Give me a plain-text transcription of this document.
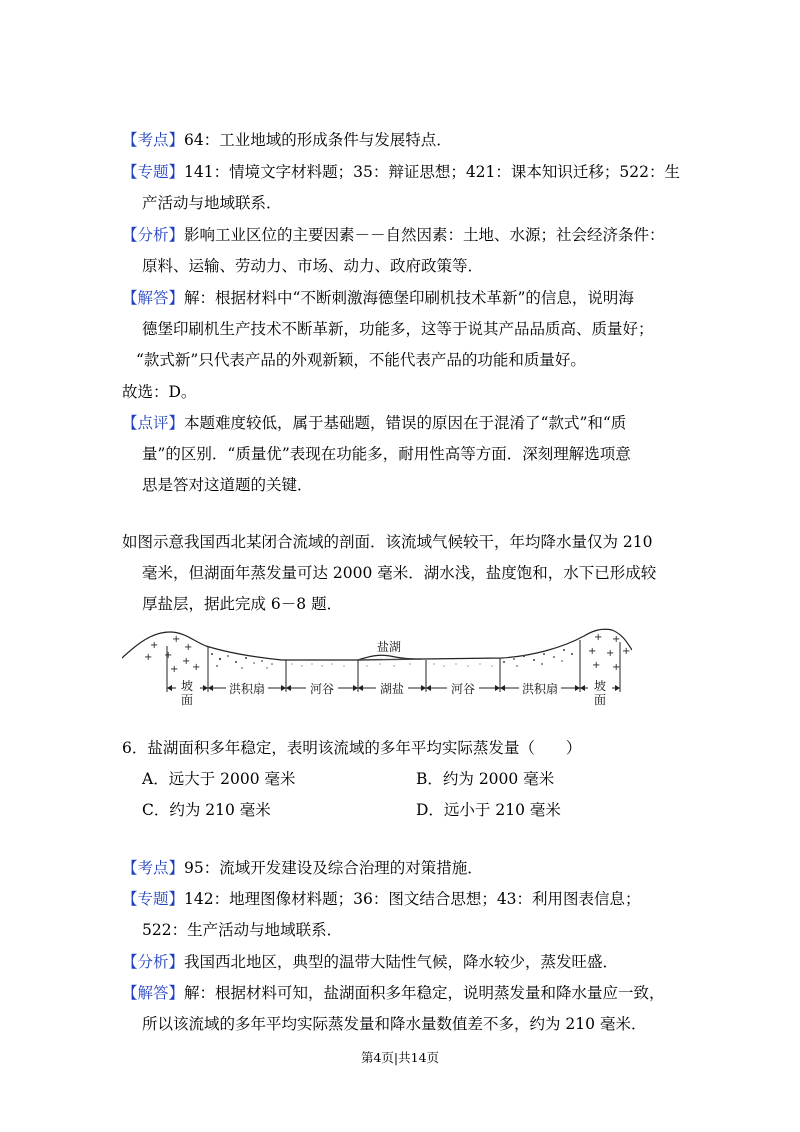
【考点】64：工业地域的形成条件与发展特点．
【专题】141：情境文字材料题；35：辩证思想；421：课本知识迁移；522：生
产活动与地域联系．
【分析】影响工业区位的主要因素－－自然因素：土地、水源；社会经济条件：
原料、运输、劳动力、市场、动力、政府政策等．
【解答】解：根据材料中“不断刺激海德堡印刷机技术革新”的信息，说明海
德堡印刷机生产技术不断革新，功能多，这等于说其产品品质高、质量好；
“款式新”只代表产品的外观新颖，不能代表产品的功能和质量好。
故选：D。
【点评】本题难度较低，属于基础题，错误的原因在于混淆了“款式”和“质
量”的区别．“质量优”表现在功能多，耐用性高等方面．深刻理解选项意
思是答对这道题的关键．
如图示意我国西北某闭合流域的剖面．该流域气候较干，年均降水量仅为 210
毫米，但湖面年蒸发量可达 2000 毫米．湖水浅，盐度饱和，水下已形成较
厚盐层，据此完成 6－8 题．
+
+
+
+ +
+
+ +
+ +
+ + +
+ +
盐湖
坡
面
洪积扇	河谷	湖盐	河谷	洪积扇	坡
面
6．盐湖面积多年稳定，表明该流域的多年平均实际蒸发量（　　）
A．远大于 2000 毫米	B．约为 2000 毫米
C．约为 210 毫米	D．远小于 210 毫米
【考点】95：流域开发建设及综合治理的对策措施．
【专题】142：地理图像材料题；36：图文结合思想；43：利用图表信息；
522：生产活动与地域联系．
【分析】我国西北地区，典型的温带大陆性气候，降水较少，蒸发旺盛．
【解答】解：根据材料可知，盐湖面积多年稳定，说明蒸发量和降水量应一致，
所以该流域的多年平均实际蒸发量和降水量数值差不多，约为 210 毫米．
第4页|共14页
